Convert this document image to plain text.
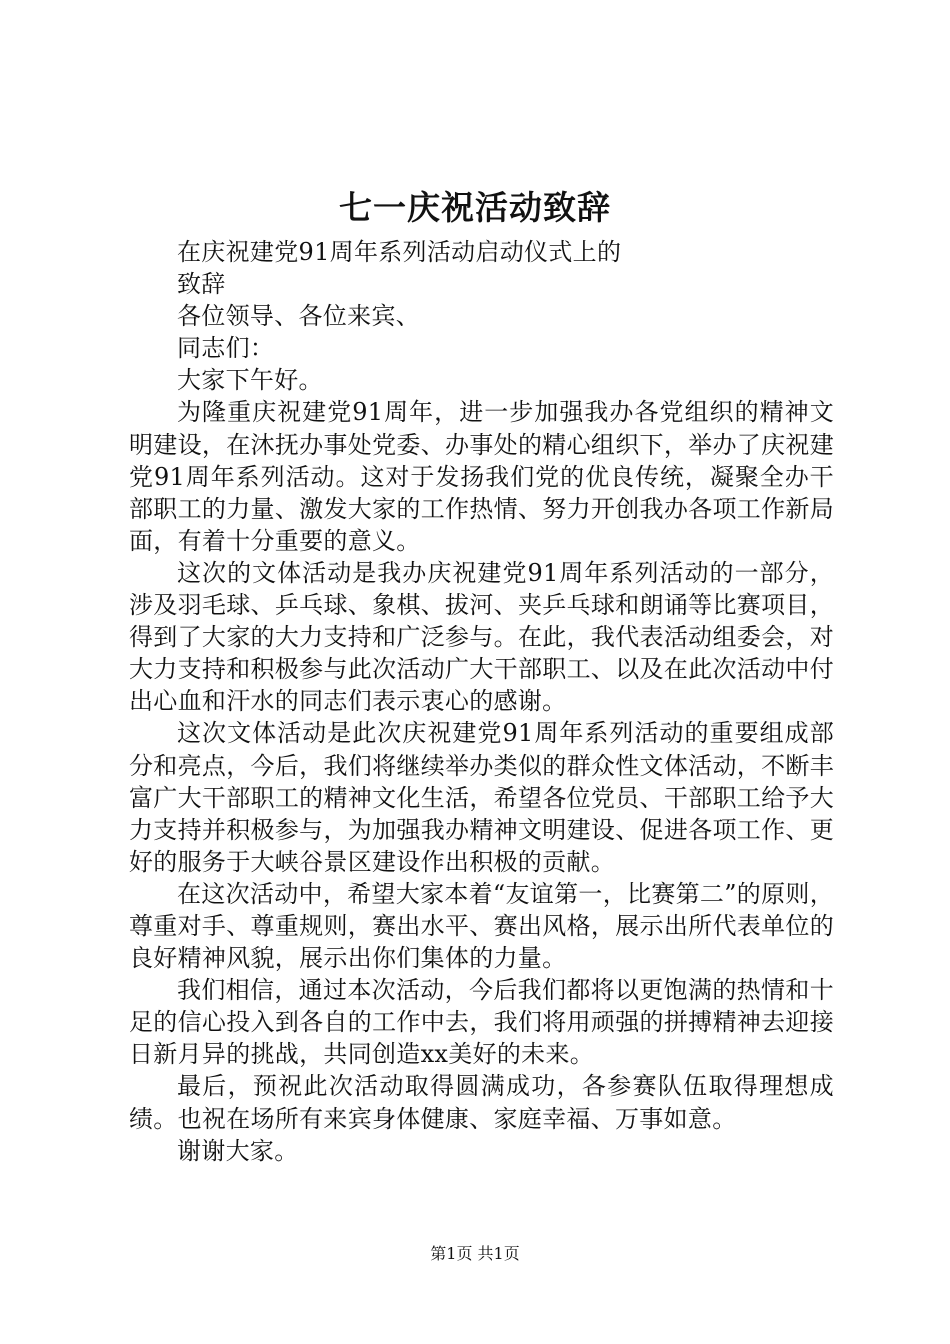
七一庆祝活动致辞

在庆祝建党91周年系列活动启动仪式上的

致辞

各位领导、各位来宾、

同志们：

大家下午好。

为隆重庆祝建党91周年，进一步加强我办各党组织的精神文明建设，在沐抚办事处党委、办事处的精心组织下，举办了庆祝建党91周年系列活动。这对于发扬我们党的优良传统，凝聚全办干部职工的力量、激发大家的工作热情、努力开创我办各项工作新局面，有着十分重要的意义。

这次的文体活动是我办庆祝建党91周年系列活动的一部分，涉及羽毛球、乒乓球、象棋、拔河、夹乒乓球和朗诵等比赛项目，得到了大家的大力支持和广泛参与。在此，我代表活动组委会，对大力支持和积极参与此次活动广大干部职工、以及在此次活动中付出心血和汗水的同志们表示衷心的感谢。

这次文体活动是此次庆祝建党91周年系列活动的重要组成部分和亮点，今后，我们将继续举办类似的群众性文体活动，不断丰富广大干部职工的精神文化生活，希望各位党员、干部职工给予大力支持并积极参与，为加强我办精神文明建设、促进各项工作、更好的服务于大峡谷景区建设作出积极的贡献。

在这次活动中，希望大家本着“友谊第一，比赛第二”的原则，尊重对手、尊重规则，赛出水平、赛出风格，展示出所代表单位的良好精神风貌，展示出你们集体的力量。

我们相信，通过本次活动，今后我们都将以更饱满的热情和十足的信心投入到各自的工作中去，我们将用顽强的拼搏精神去迎接日新月异的挑战，共同创造xx美好的未来。

最后，预祝此次活动取得圆满成功，各参赛队伍取得理想成绩。也祝在场所有来宾身体健康、家庭幸福、万事如意。

谢谢大家。

第1页 共1页
